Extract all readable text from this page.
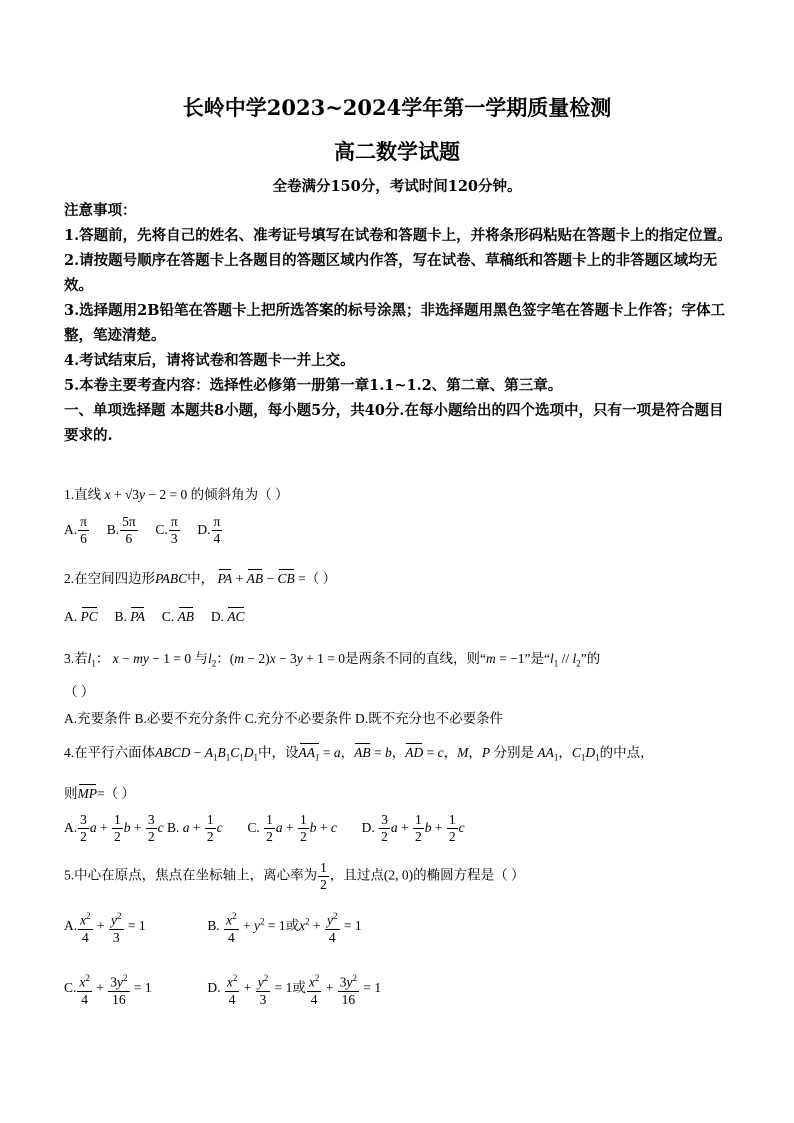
长岭中学2023~2024学年第一学期质量检测
高二数学试题
全卷满分150分，考试时间120分钟。

注意事项：

1.答题前，先将自己的姓名、准考证号填写在试卷和答题卡上，并将条形码粘贴在答题卡上的指定位置。

2.请按题号顺序在答题卡上各题目的答题区域内作答，写在试卷、草稿纸和答题卡上的非答题区域均无效。

3.选择题用2B铅笔在答题卡上把所选答案的标号涂黑；非选择题用黑色签字笔在答题卡上作答；字体工整，笔迹清楚。

4.考试结束后，请将试卷和答题卡一并上交。

5.本卷主要考查内容：选择性必修第一册第一章1.1~1.2、第二章、第三章。

一、单项选择题 本题共8小题，每小题5分，共40分.在每小题给出的四个选项中，只有一项是符合题目要求的.

1.直线 x + √3y − 2 = 0 的倾斜角为（ ）
A. $\frac{\pi}{6} B$. $\frac{5\pi}{6} C$. $\frac{\pi}{3} D$. $\frac{\pi}{4}$
2.在空间四边形PABC中， PA + AB − CB =（ ）
A. PC B. PA C. AB D. AC
3.若$l_1$： x − my − 1 = 0 与$l_2$：(m − 2)x − 3y + 1 = 0是两条不同的直线，则“m = −1”是“$l_1 // l_2$”的
（ ）
A.充要条件 B.必要不充分条件 C.充分不必要条件 D.既不充分也不必要条件
4.在平行六面体ABCD − $A_1B_1C_1D_1$中，设$AA_1 = a$，AB = b，AD = c，M，P 分别是 $AA_1$，$C_1D_1$的中点，
则MP=（ ）
A. $\frac{3}{2}$ $a + \frac{1}{2}$ $b + \frac{3}{2}$ c B. $a + \frac{1}{2}$ c C. $\frac{1}{2}$ $a + \frac{1}{2}$ b + c D. $\frac{3}{2}$ $a + \frac{1}{2}$ $b + \frac{1}{2}$ c
5.中心在原点，焦点在坐标轴上，离心率为 $\frac{1}{2}$ ，且过点(2, 0)的椭圆方程是（ ）
A. $\frac{x^2}{4} + \frac{y^2}{3} = 1$	B. $\frac{x^2}{4} + y^2 = 1$或$x^2 + \frac{y^2}{4} = 1$
C. $\frac{x^2}{4} + \frac{3y^2}{16} = 1$	D. $\frac{x^2}{4} + \frac{y^2}{3} = 1$或 $\frac{x^2}{4} + \frac{3y^2}{16} = 1$
